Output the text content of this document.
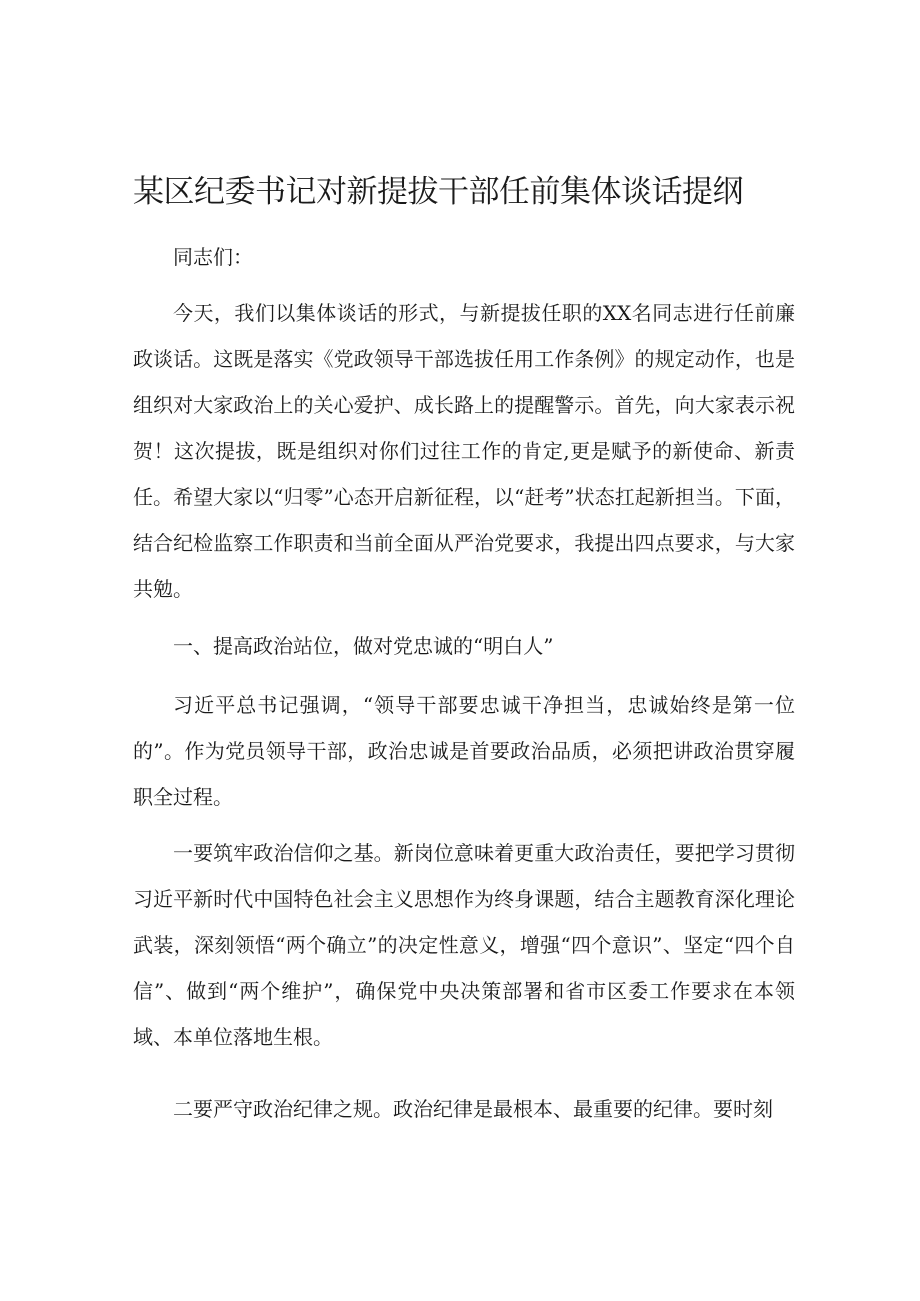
某区纪委书记对新提拔干部任前集体谈话提纲

同志们：

今天，我们以集体谈话的形式，与新提拔任职的XX名同志进行任前廉政谈话。这既是落实《党政领导干部选拔任用工作条例》的规定动作，也是组织对大家政治上的关心爱护、成长路上的提醒警示。首先，向大家表示祝贺！这次提拔，既是组织对你们过往工作的肯定,更是赋予的新使命、新责任。希望大家以“归零”心态开启新征程，以“赶考”状态扛起新担当。下面，结合纪检监察工作职责和当前全面从严治党要求，我提出四点要求，与大家共勉。

一、提高政治站位，做对党忠诚的“明白人”

习近平总书记强调，“领导干部要忠诚干净担当，忠诚始终是第一位的”。作为党员领导干部，政治忠诚是首要政治品质，必须把讲政治贯穿履职全过程。

一要筑牢政治信仰之基。新岗位意味着更重大政治责任，要把学习贯彻习近平新时代中国特色社会主义思想作为终身课题，结合主题教育深化理论武装，深刻领悟“两个确立”的决定性意义，增强“四个意识”、坚定“四个自信”、做到“两个维护”，确保党中央决策部署和省市区委工作要求在本领域、本单位落地生根。

二要严守政治纪律之规。政治纪律是最根本、最重要的纪律。要时刻
